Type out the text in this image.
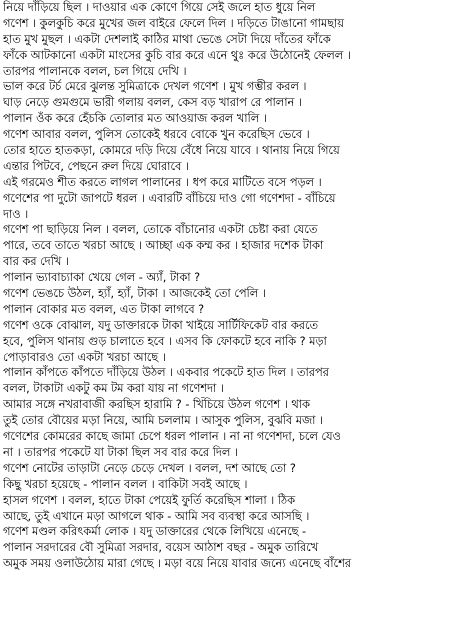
নিয়ে দাঁড়িয়ে ছিল । দাওয়ার এক কোণে গিয়ে সেই জলে হাত ধুয়ে নিল
গণেশ । কুলকুচি করে মুখের জল বাইরে ফেলে দিল । দড়িতে টাঙানো গামছায়
হাত মুখ মুছল । একটা দেশলাই কাঠির মাথা ভেঙে সেটা দিয়ে দাঁতের ফাঁকে
ফাঁকে আটকানো একটা মাংসের কুচি বার করে এনে থুঃ করে উঠোনেই ফেলল ।
তারপর পালানকে বলল, চল গিয়ে দেখি ।
ভাল করে টর্চ মেরে ঝুলন্ত সুমিত্রাকে দেখল গণেশ । মুখ গম্ভীর করল ।
ঘাড় নেড়ে গুমগুমে ভারী গলায় বলল, কেস বড় খারাপ রে পালান ।
পালান ওঁক করে হেঁচকি তোলার মত আওয়াজ করল খালি ।
গণেশ আবার বলল, পুলিস তোকেই ধরবে বোকে খুন করেছিস ভেবে ।
তোর হাতে হাতকড়া, কোমরে দড়ি দিয়ে বেঁধে নিয়ে যাবে । থানায় নিয়ে গিয়ে
এন্তার পিটবে, পেছনে রুল দিয়ে ঘোরাবে ।
এই গরমেও শীত করতে লাগল পালানের । ধপ করে মাটিতে বসে পড়ল ।
গণেশের পা দুটো জাপটে ধরল । এবারটি বাঁচিয়ে দাও গো গণেশদা - বাঁচিয়ে
দাও ।
গণেশ পা ছাড়িয়ে নিল । বলল, তোকে বাঁচানোর একটা চেষ্টা করা যেতে
পারে, তবে তাতে খরচা আছে । আচ্ছা এক কম্ম কর । হাজার দশেক টাকা
বার কর দেখি ।
পালান ভ্যাবাচ্যাকা খেয়ে গেল - অ্যাঁ, টাকা ?
গণেশ ভেঙচে উঠল, হ্যাঁ, হ্যাঁ, টাকা । আজকেই তো পেলি ।
পালান বোকার মত বলল, এত টাকা লাগবে ?
গণেশ ওকে বোঝাল, যদু ডাক্তারকে টাকা খাইয়ে সার্টিফিকেট বার করতে
হবে, পুলিস থানায় গুড় চালাতে হবে । এসব কি ফোকটে হবে নাকি ? মড়া
পোড়াবারও তো একটা খরচা আছে ।
পালান কাঁপতে কাঁপতে দাঁড়িয়ে উঠল । একবার পকেটে হাত দিল । তারপর
বলল, টাকাটা একটু কম টম করা যায় না গণেশদা ।
আমার সঙ্গে নখরাবাজী করছিস হারামি ? - খিঁচিয়ে উঠল গণেশ । থাক
তুই তোর বৌয়ের মড়া নিয়ে, আমি চললাম । আসুক পুলিস, বুঝবি মজা ।
গণেশের কোমরের কাছে জামা চেপে ধরল পালান । না না গণেশদা, চলে যেও
না । তারপর পকেটে যা টাকা ছিল সব বার করে দিল ।
গণেশ নোটের তাড়াটা নেড়ে চেড়ে দেখল । বলল, দশ আছে তো ?
কিছু খরচা হয়েছে - পালান বলল । বাকিটা সবই আছে ।
হাসল গণেশ । বলল, হাতে টাকা পেয়েই ফুর্তি করেছিস শালা । ঠিক
আছে, তুই এখানে মড়া আগলে থাক - আমি সব ব্যবস্থা করে আসছি ।
গণেশ মণ্ডল করিৎকর্মা লোক । যদু ডাক্তারের থেকে লিখিয়ে এনেছে -
পালান সরদারের বৌ সুমিত্রা সরদার, বয়েস আঠাশ বছর - অমুক তারিখে
অমুক সময় ওলাউঠোয় মারা গেছে । মড়া বয়ে নিয়ে যাবার জন্যে এনেছে বাঁশের
